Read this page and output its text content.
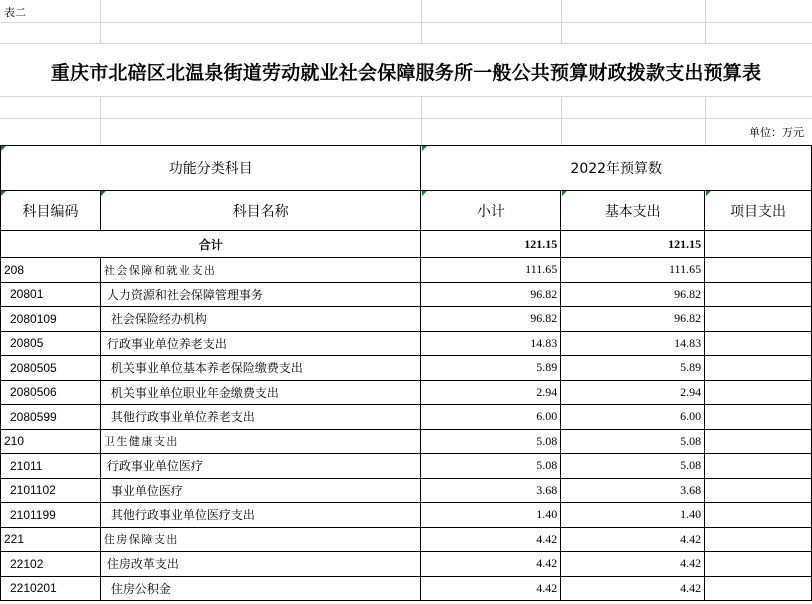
表二
重庆市北碚区北温泉街道劳动就业社会保障服务所一般公共预算财政拨款支出预算表
单位：万元
功能分类科目		2022年预算数		
科目编码	科目名称	小计	基本支出	项目支出
合计		121.15	121.15	
208	社会保障和就业支出	111.65	111.65	
20801	人力资源和社会保障管理事务	96.82	96.82	
2080109	社会保险经办机构	96.82	96.82	
20805	行政事业单位养老支出	14.83	14.83	
2080505	机关事业单位基本养老保险缴费支出	5.89	5.89	
2080506	机关事业单位职业年金缴费支出	2.94	2.94	
2080599	其他行政事业单位养老支出	6.00	6.00	
210	卫生健康支出	5.08	5.08	
21011	行政事业单位医疗	5.08	5.08	
2101102	事业单位医疗	3.68	3.68	
2101199	其他行政事业单位医疗支出	1.40	1.40	
221	住房保障支出	4.42	4.42	
22102	住房改革支出	4.42	4.42	
2210201	住房公积金	4.42	4.42	
